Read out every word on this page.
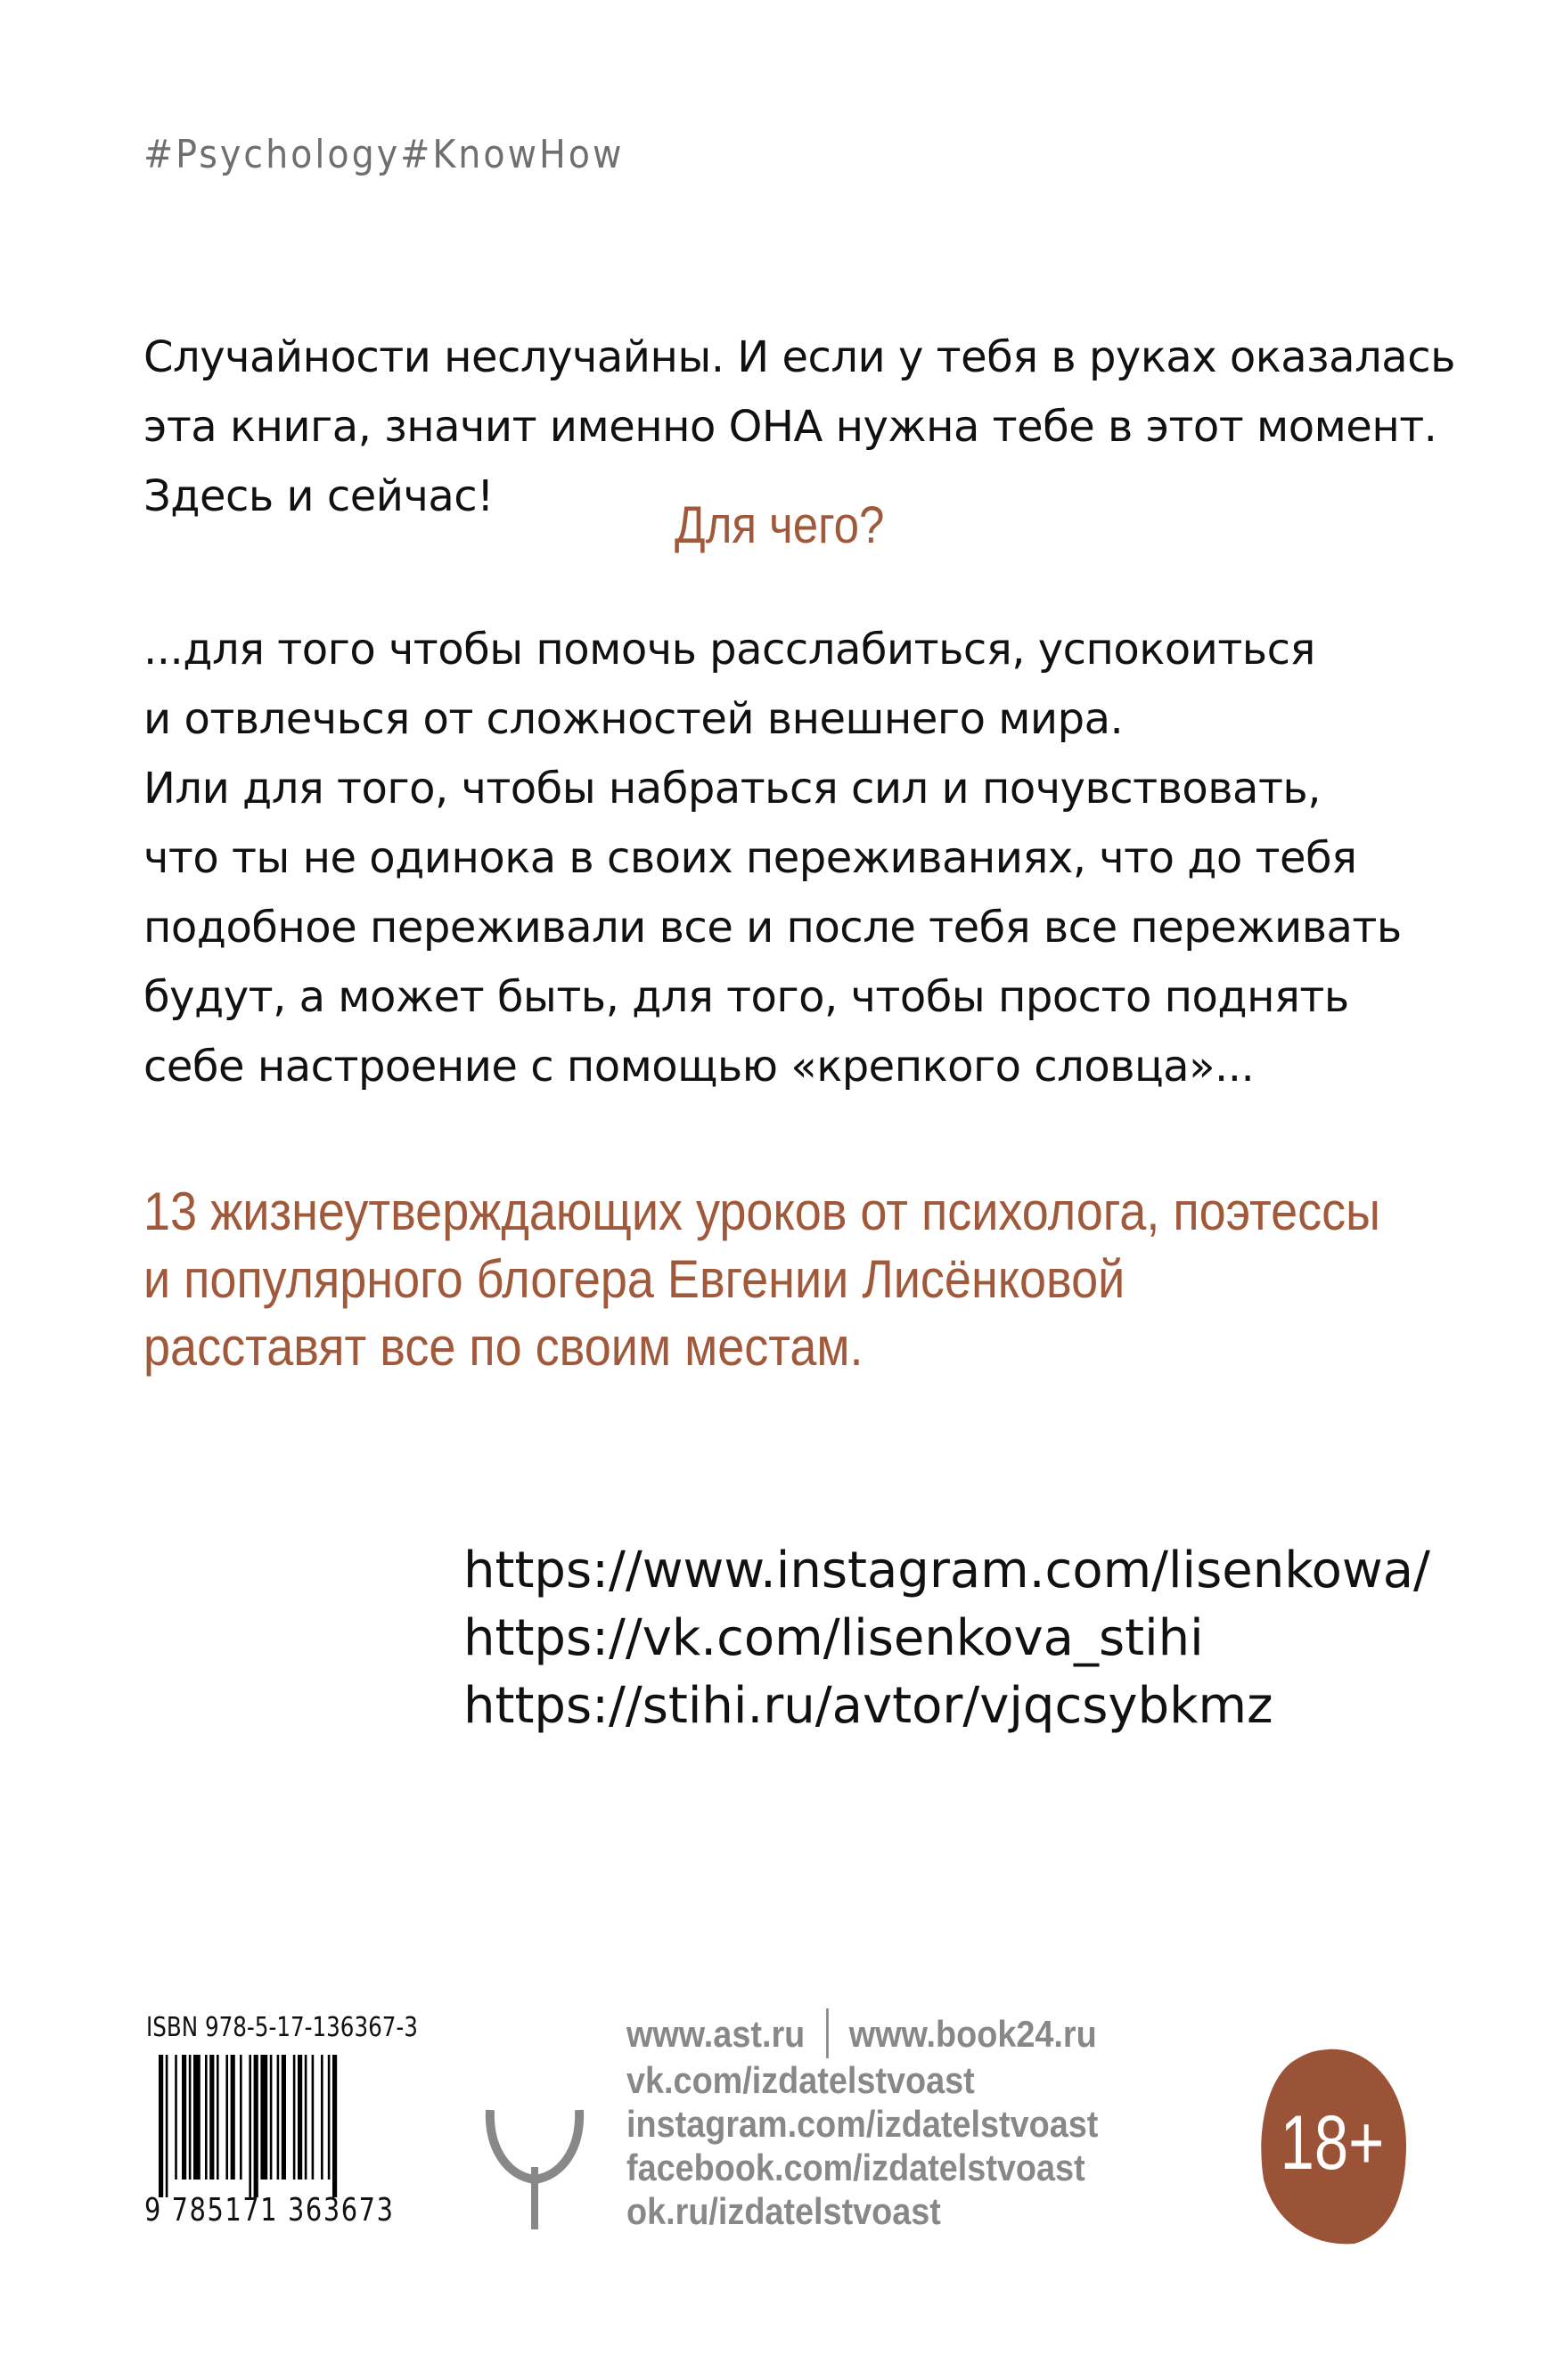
#Psychology#KnowHow
Случайности неслучайны. И если у тебя в руках оказалась
эта книга, значит именно ОНА нужна тебе в этот момент.
Здесь и сейчас!	Для чего?
...для того чтобы помочь расслабиться, успокоиться
и отвлечься от сложностей внешнего мира.
Или для того, чтобы набраться сил и почувствовать,
что ты не одинока в своих переживаниях, что до тебя
подобное переживали все и после тебя все переживать
будут, а может быть, для того, чтобы просто поднять
себе настроение с помощью «крепкого словца»...
13 жизнеутверждающих уроков от психолога, поэтессы
и популярного блогера Евгении Лисёнковой
расставят все по своим местам.
https://www.instagram.com/lisenkowa/
https://vk.com/lisenkova_stihi
https://stihi.ru/avtor/vjqcsybkmz
ISBN 978-5-17-136367-3
9 785171 363673
www.ast.ru www.book24.ru
vk.com/izdatelstvoast
instagram.com/izdatelstvoast
facebook.com/izdatelstvoast
ok.ru/izdatelstvoast
18+
